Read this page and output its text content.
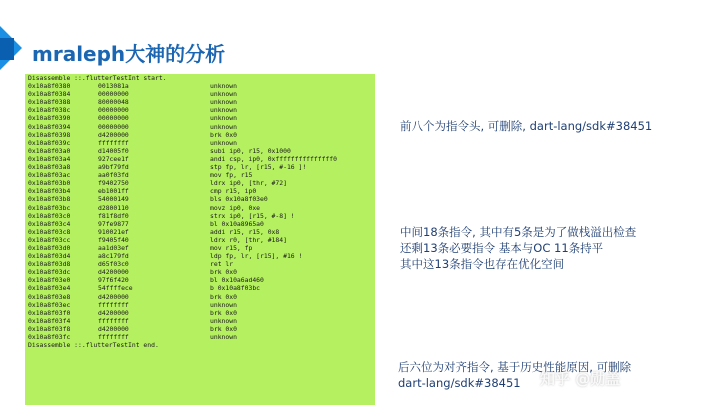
mraleph大神的分析
Disassemble ::.flutterTestInt start.
0x10a8f0380	0013081a	unknown
0x10a8f0384	00000000	unknown
0x10a8f0388	80000048	unknown
0x10a8f038c	00000000	unknown
0x10a8f0390	00000000	unknown
0x10a8f0394	00000000	unknown
0x10a8f0398	d4200000	brk 0x0
0x10a8f039c	ffffffff	unknown
0x10a8f03a0	d14005f0	subi ip0, r15, 0x1000
0x10a8f03a4	927cee1f	andi csp, ip0, 0xfffffffffffffff0
0x10a8f03a8	a9bf79fd	stp fp, lr, [r15, #-16 ]!
0x10a8f03ac	aa0f03fd	mov fp, r15
0x10a8f03b0	f9402750	ldrx ip0, [thr, #72]
0x10a8f03b4	eb1001ff	cmp r15, ip0
0x10a8f03b8	54000149	bls 0x10a8f03e0
0x10a8f03bc	d2800110	movz ip0, 0xe
0x10a8f03c0	f81f8df0	strx ip0, [r15, #-8] !
0x10a8f03c4	97fe9877	bl 0x10a8965a0
0x10a8f03c8	910021ef	addi r15, r15, 0x8
0x10a8f03cc	f9405f40	ldrx r0, [thr, #184]
0x10a8f03d0	aa1d03ef	mov r15, fp
0x10a8f03d4	a8c179fd	ldp fp, lr, [r15], #16 !
0x10a8f03d8	d65f03c0	ret lr
0x10a8f03dc	d4200000	brk 0x0
0x10a8f03e0	97f6f420	bl 0x10a6ad460
0x10a8f03e4	54ffffece	b 0x10a8f03bc
0x10a8f03e8	d4200000	brk 0x0
0x10a8f03ec	ffffffff	unknown
0x10a8f03f0	d4200000	brk 0x0
0x10a8f03f4	ffffffff	unknown
0x10a8f03f8	d4200000	brk 0x0
0x10a8f03fc	ffffffff	unknown
Disassemble ::.flutterTestInt end.
前八个为指令头, 可删除, dart-lang/sdk#38451
中间18条指令, 其中有5条是为了做栈溢出检查
还剩13条必要指令 基本与OC 11条持平
其中这13条指令也存在优化空间
后六位为对齐指令, 基于历史性能原因, 可删除
dart-lang/sdk#38451	知乎 @勋盖
